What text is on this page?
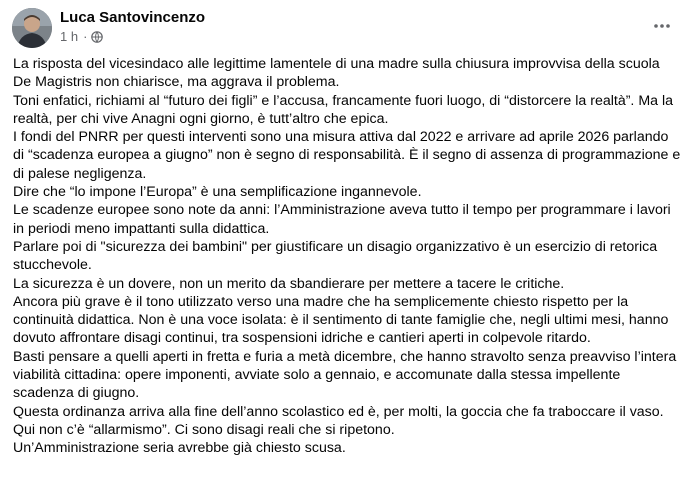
Luca Santovincenzo
1 h ·

La risposta del vicesindaco alle legittime lamentele di una madre sulla chiusura improvvisa della scuola De Magistris non chiarisce, ma aggrava il problema.

Toni enfatici, richiami al “futuro dei figli” e l’accusa, francamente fuori luogo, di “distorcere la realtà”. Ma la realtà, per chi vive Anagni ogni giorno, è tutt’altro che epica.

I fondi del PNRR per questi interventi sono una misura attiva dal 2022 e arrivare ad aprile 2026 parlando di “scadenza europea a giugno” non è segno di responsabilità. È il segno di assenza di programmazione e di palese negligenza.

Dire che “lo impone l’Europa” è una semplificazione ingannevole.

Le scadenze europee sono note da anni: l’Amministrazione aveva tutto il tempo per programmare i lavori in periodi meno impattanti sulla didattica.

Parlare poi di "sicurezza dei bambini" per giustificare un disagio organizzativo è un esercizio di retorica stucchevole.

La sicurezza è un dovere, non un merito da sbandierare per mettere a tacere le critiche.

Ancora più grave è il tono utilizzato verso una madre che ha semplicemente chiesto rispetto per la continuità didattica. Non è una voce isolata: è il sentimento di tante famiglie che, negli ultimi mesi, hanno dovuto affrontare disagi continui, tra sospensioni idriche e cantieri aperti in colpevole ritardo.

Basti pensare a quelli aperti in fretta e furia a metà dicembre, che hanno stravolto senza preavviso l’intera viabilità cittadina: opere imponenti, avviate solo a gennaio, e accomunate dalla stessa impellente scadenza di giugno.

Questa ordinanza arriva alla fine dell’anno scolastico ed è, per molti, la goccia che fa traboccare il vaso.

Qui non c’è “allarmismo”. Ci sono disagi reali che si ripetono.

Un’Amministrazione seria avrebbe già chiesto scusa.
